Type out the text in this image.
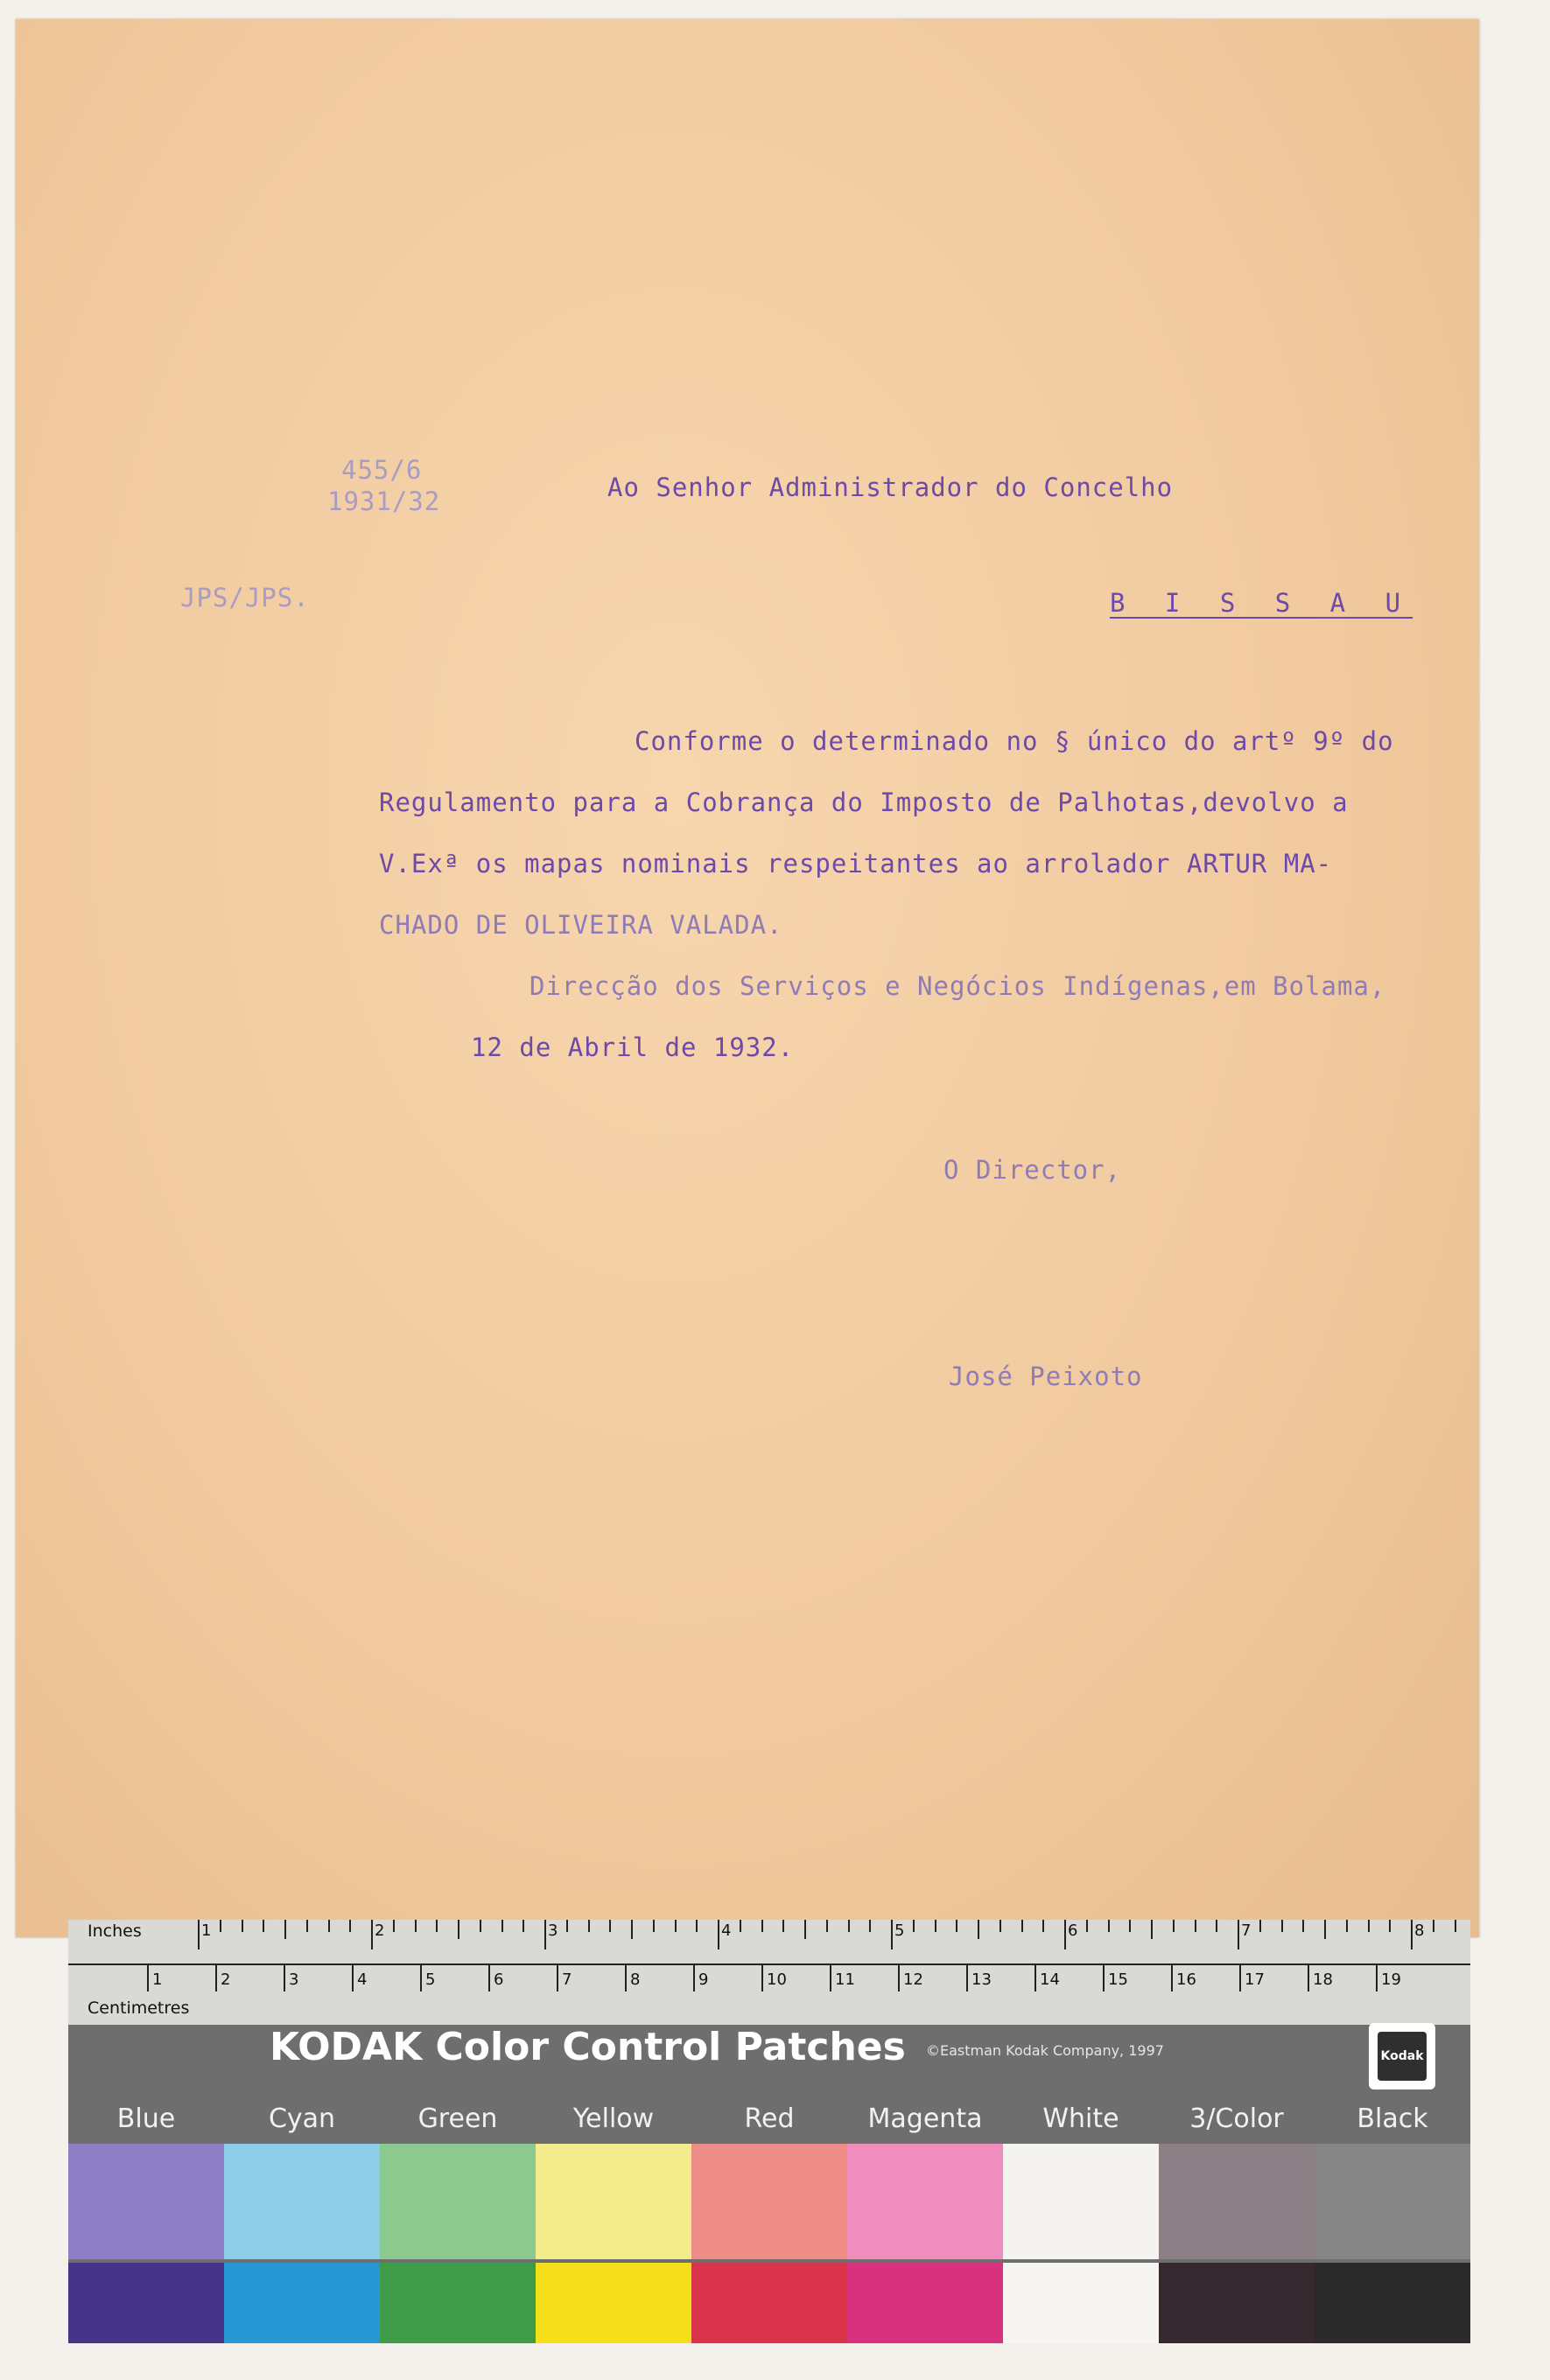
455/6

1931/32

JPS/JPS.

Ao Senhor Administrador do Concelho

B I S S A U

Conforme o determinado no § único do artº 9º do
Regulamento para a Cobrança do Imposto de Palhotas,devolvo a
V.Exª os mapas nominais respeitantes ao arrolador ARTUR MA-
CHADO DE OLIVEIRA VALADA.
Direcção dos Serviços e Negócios Indígenas,em Bolama,
12 de Abril de 1932.

O Director,

José Peixoto

Inches
Centimetres
1	2	3	4	5	6	7	8
1	2	3	4	5	6	7	8	9	10	11	12	13	14	15	16	17	18	19
KODAK Color Control Patches ©Eastman Kodak Company, 1997	Kodak
Blue	Cyan	Green	Yellow	Red	Magenta	White	3/Color	Black
